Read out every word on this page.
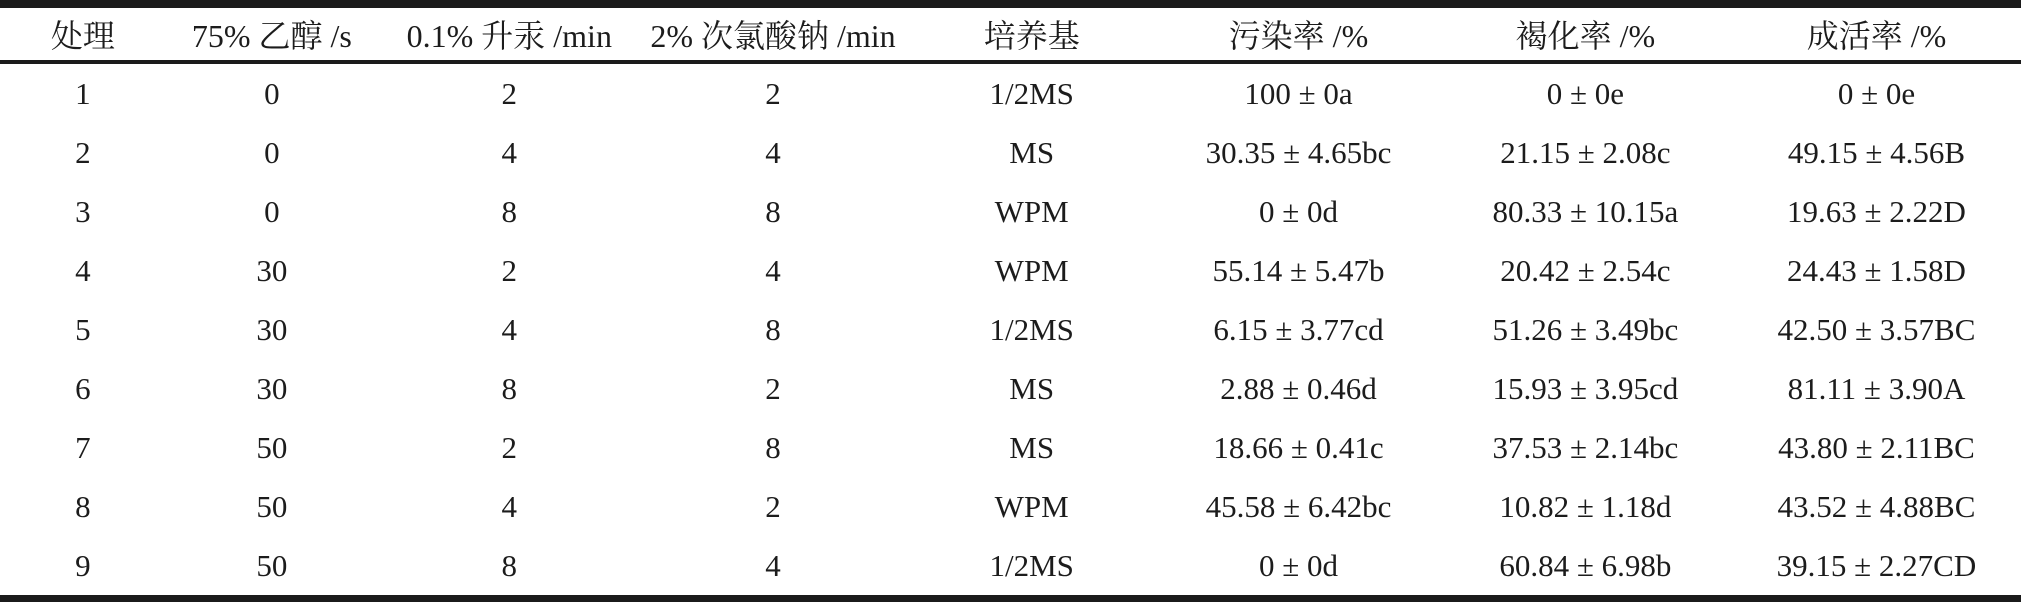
处理	75% 乙醇 /s	0.1% 升汞 /min	2% 次氯酸钠 /min	培养基	污染率 /%	褐化率 /%	成活率 /%
1	0	2	2	1/2MS	100 ± 0a	0 ± 0e	0 ± 0e
2	0	4	4	MS	30.35 ± 4.65bc	21.15 ± 2.08c	49.15 ± 4.56B
3	0	8	8	WPM	0 ± 0d	80.33 ± 10.15a	19.63 ± 2.22D
4	30	2	4	WPM	55.14 ± 5.47b	20.42 ± 2.54c	24.43 ± 1.58D
5	30	4	8	1/2MS	6.15 ± 3.77cd	51.26 ± 3.49bc	42.50 ± 3.57BC
6	30	8	2	MS	2.88 ± 0.46d	15.93 ± 3.95cd	81.11 ± 3.90A
7	50	2	8	MS	18.66 ± 0.41c	37.53 ± 2.14bc	43.80 ± 2.11BC
8	50	4	2	WPM	45.58 ± 6.42bc	10.82 ± 1.18d	43.52 ± 4.88BC
9	50	8	4	1/2MS	0 ± 0d	60.84 ± 6.98b	39.15 ± 2.27CD
